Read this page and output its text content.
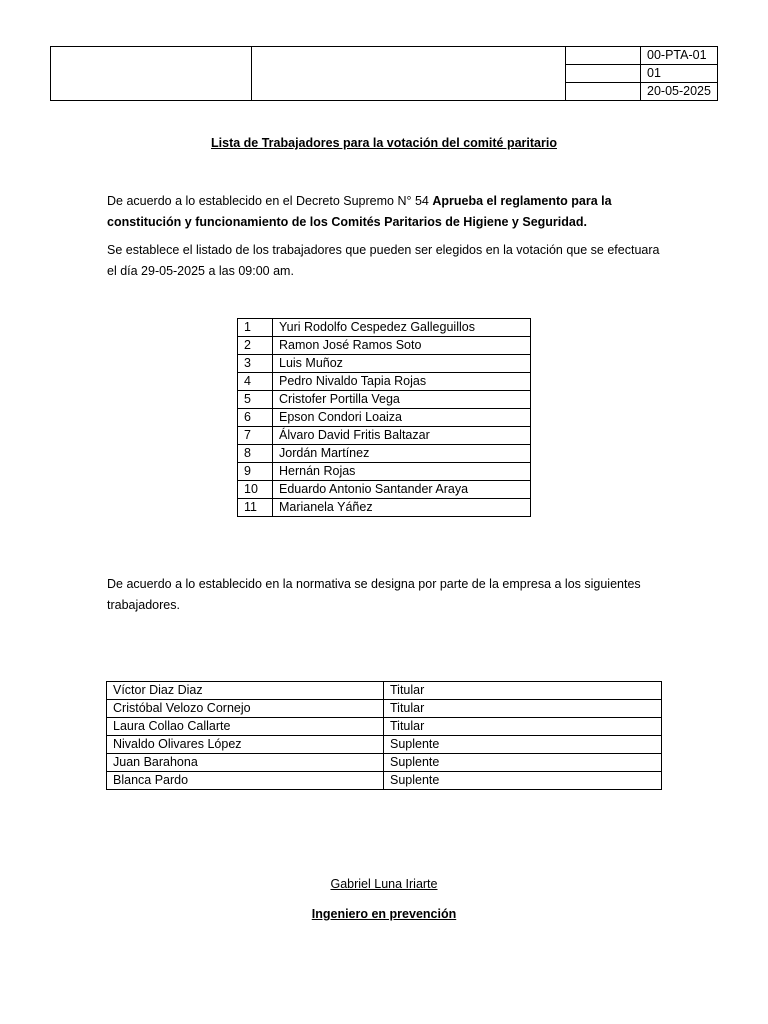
			00-PTA-01
			01
			20-05-2025
Lista de Trabajadores para la votación del comité paritario
De acuerdo a lo establecido en el Decreto Supremo N° 54 Aprueba el reglamento para la constitución y funcionamiento de los Comités Paritarios de Higiene y Seguridad.
Se establece el listado de los trabajadores que pueden ser elegidos en la votación que se efectuara el día 29-05-2025 a las 09:00 am.
1	Yuri Rodolfo Cespedez Galleguillos
2	Ramon José Ramos Soto
3	Luis Muñoz
4	Pedro Nivaldo Tapia Rojas
5	Cristofer Portilla Vega
6	Epson Condori Loaiza
7	Álvaro David Fritis Baltazar
8	Jordán Martínez
9	Hernán Rojas
10	Eduardo Antonio Santander Araya
11	Marianela Yáñez
De acuerdo a lo establecido en la normativa se designa por parte de la empresa a los siguientes trabajadores.
Víctor Diaz Diaz	Titular
Cristóbal Velozo Cornejo	Titular
Laura Collao Callarte	Titular
Nivaldo Olivares López	Suplente
Juan Barahona	Suplente
Blanca Pardo	Suplente
Gabriel Luna Iriarte
Ingeniero en prevención
